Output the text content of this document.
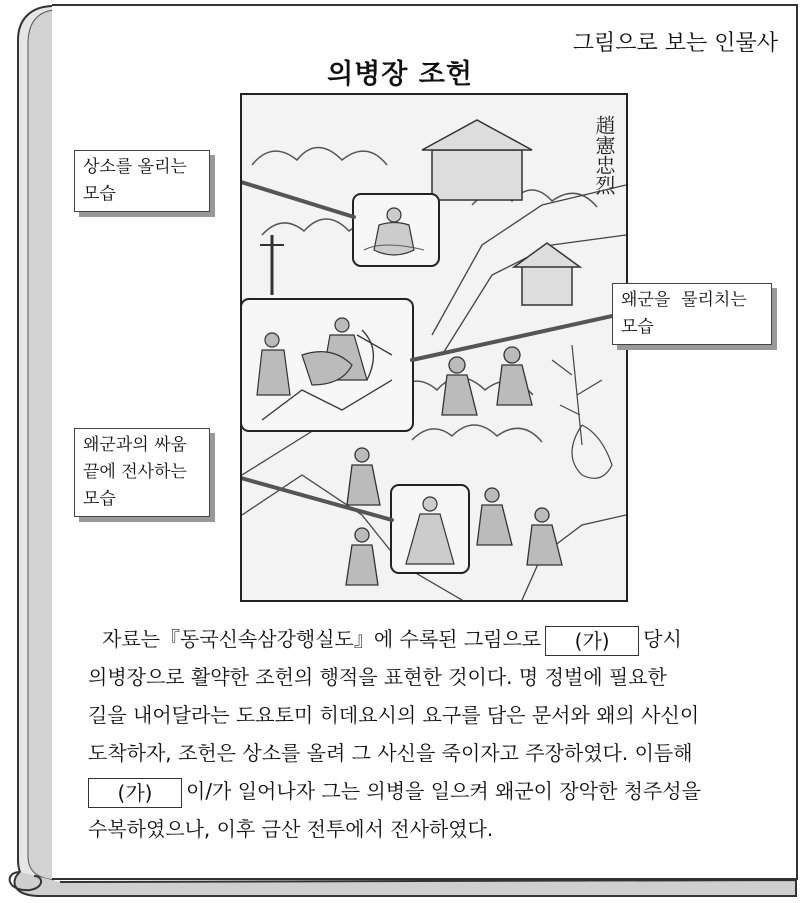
그림으로 보는 인물사
의병장 조헌
趙憲忠烈
상소를 올리는
모습
왜군을  물리치는
모습
왜군과의 싸움
끝에 전사하는
모습

자료는『동국신속삼강행실도』에 수록된 그림으로 (가) 당시

의병장으로 활약한 조헌의 행적을 표현한 것이다. 명 정벌에 필요한

길을 내어달라는 도요토미 히데요시의 요구를 담은 문서와 왜의 사신이

도착하자, 조헌은 상소를 올려 그 사신을 죽이자고 주장하였다. 이듬해

(가) 이/가 일어나자 그는 의병을 일으켜 왜군이 장악한 청주성을

수복하였으나, 이후 금산 전투에서 전사하였다.
